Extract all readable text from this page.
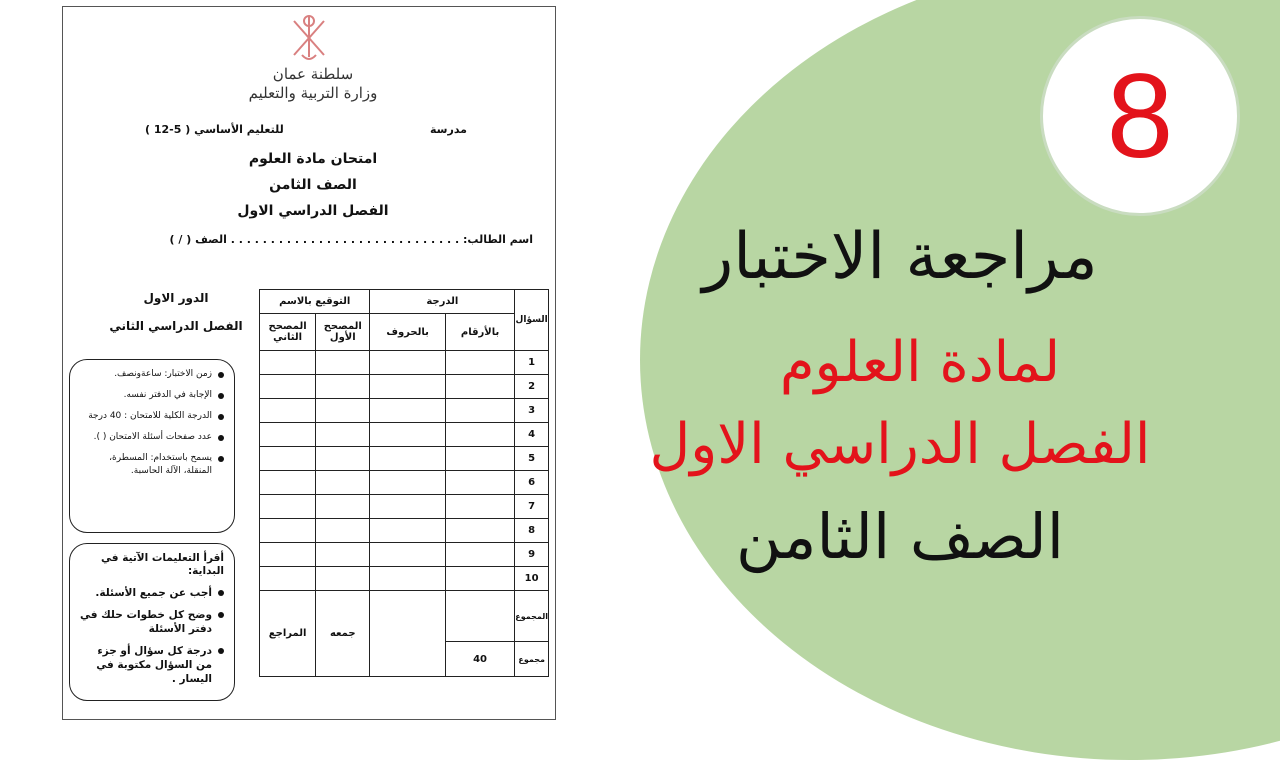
8
مراجعة الاختبار
لمادة العلوم
الفصل الدراسي الاول
الصف الثامن
سلطنة عمان
وزارة التربية والتعليم
مدرسة
للتعليم الأساسي ( 5-12 )
امتحان مادة العلوم
الصف الثامن
الفصل الدراسي الاول
اسم الطالب: . . . . . . . . . . . . . . . . . . . . . . . . . . . . . الصف ( / )
الدور الاول
الفصل الدراسي الثاني	السؤال	الدرجة		التوقيع بالاسم	
	بالأرقام	بالحروف	المصحح الأول	المصحح الثاني
1				
2				
3				
4				
5				
6				
7				
8				
9				
10				
المجموع			جمعه	المراجع

مجموع	40			
زمن الاختبار: ساعةونصف.
الإجابة في الدفتر نفسه.
الدرجة الكلية للامتحان : 40 درجة
عدد صفحات أسئلة الامتحان ( ).
يسمح باستخدام: المسطرة، المنقلة، الآلة الحاسبة.
أقرأ التعليمات الآتية في البداية:
أجب عن جميع الأسئلة.
وضح كل خطوات حلك في دفتر الأسئلة
درجة كل سؤال أو جزء من السؤال مكتوبة في اليسار .
